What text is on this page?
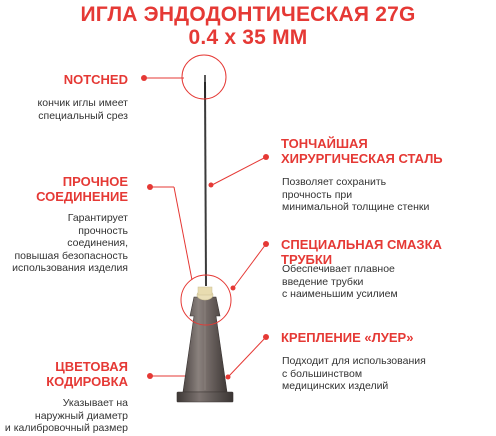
ИГЛА ЭНДОДОНТИЧЕСКАЯ 27G
0.4 x 35 MM
NOTCHED
кончик иглы имеет
специальный срез
ПРОЧНОЕ
СОЕДИНЕНИЕ
Гарантирует
прочность
соединения,
повышая безопасность
использования изделия
ЦВЕТОВАЯ
КОДИРОВКА
Указывает на
наружный диаметр
и калибровочный размер
ТОНЧАЙШАЯ
ХИРУРГИЧЕСКАЯ СТАЛЬ
Позволяет сохранить
прочность при
минимальной толщине стенки
СПЕЦИАЛЬНАЯ СМАЗКА ТРУБКИ
Обеспечивает плавное
введение трубки
с наименьшим усилием
КРЕПЛЕНИЕ «ЛУЕР»
Подходит для использования
с большинством
медицинских изделий
